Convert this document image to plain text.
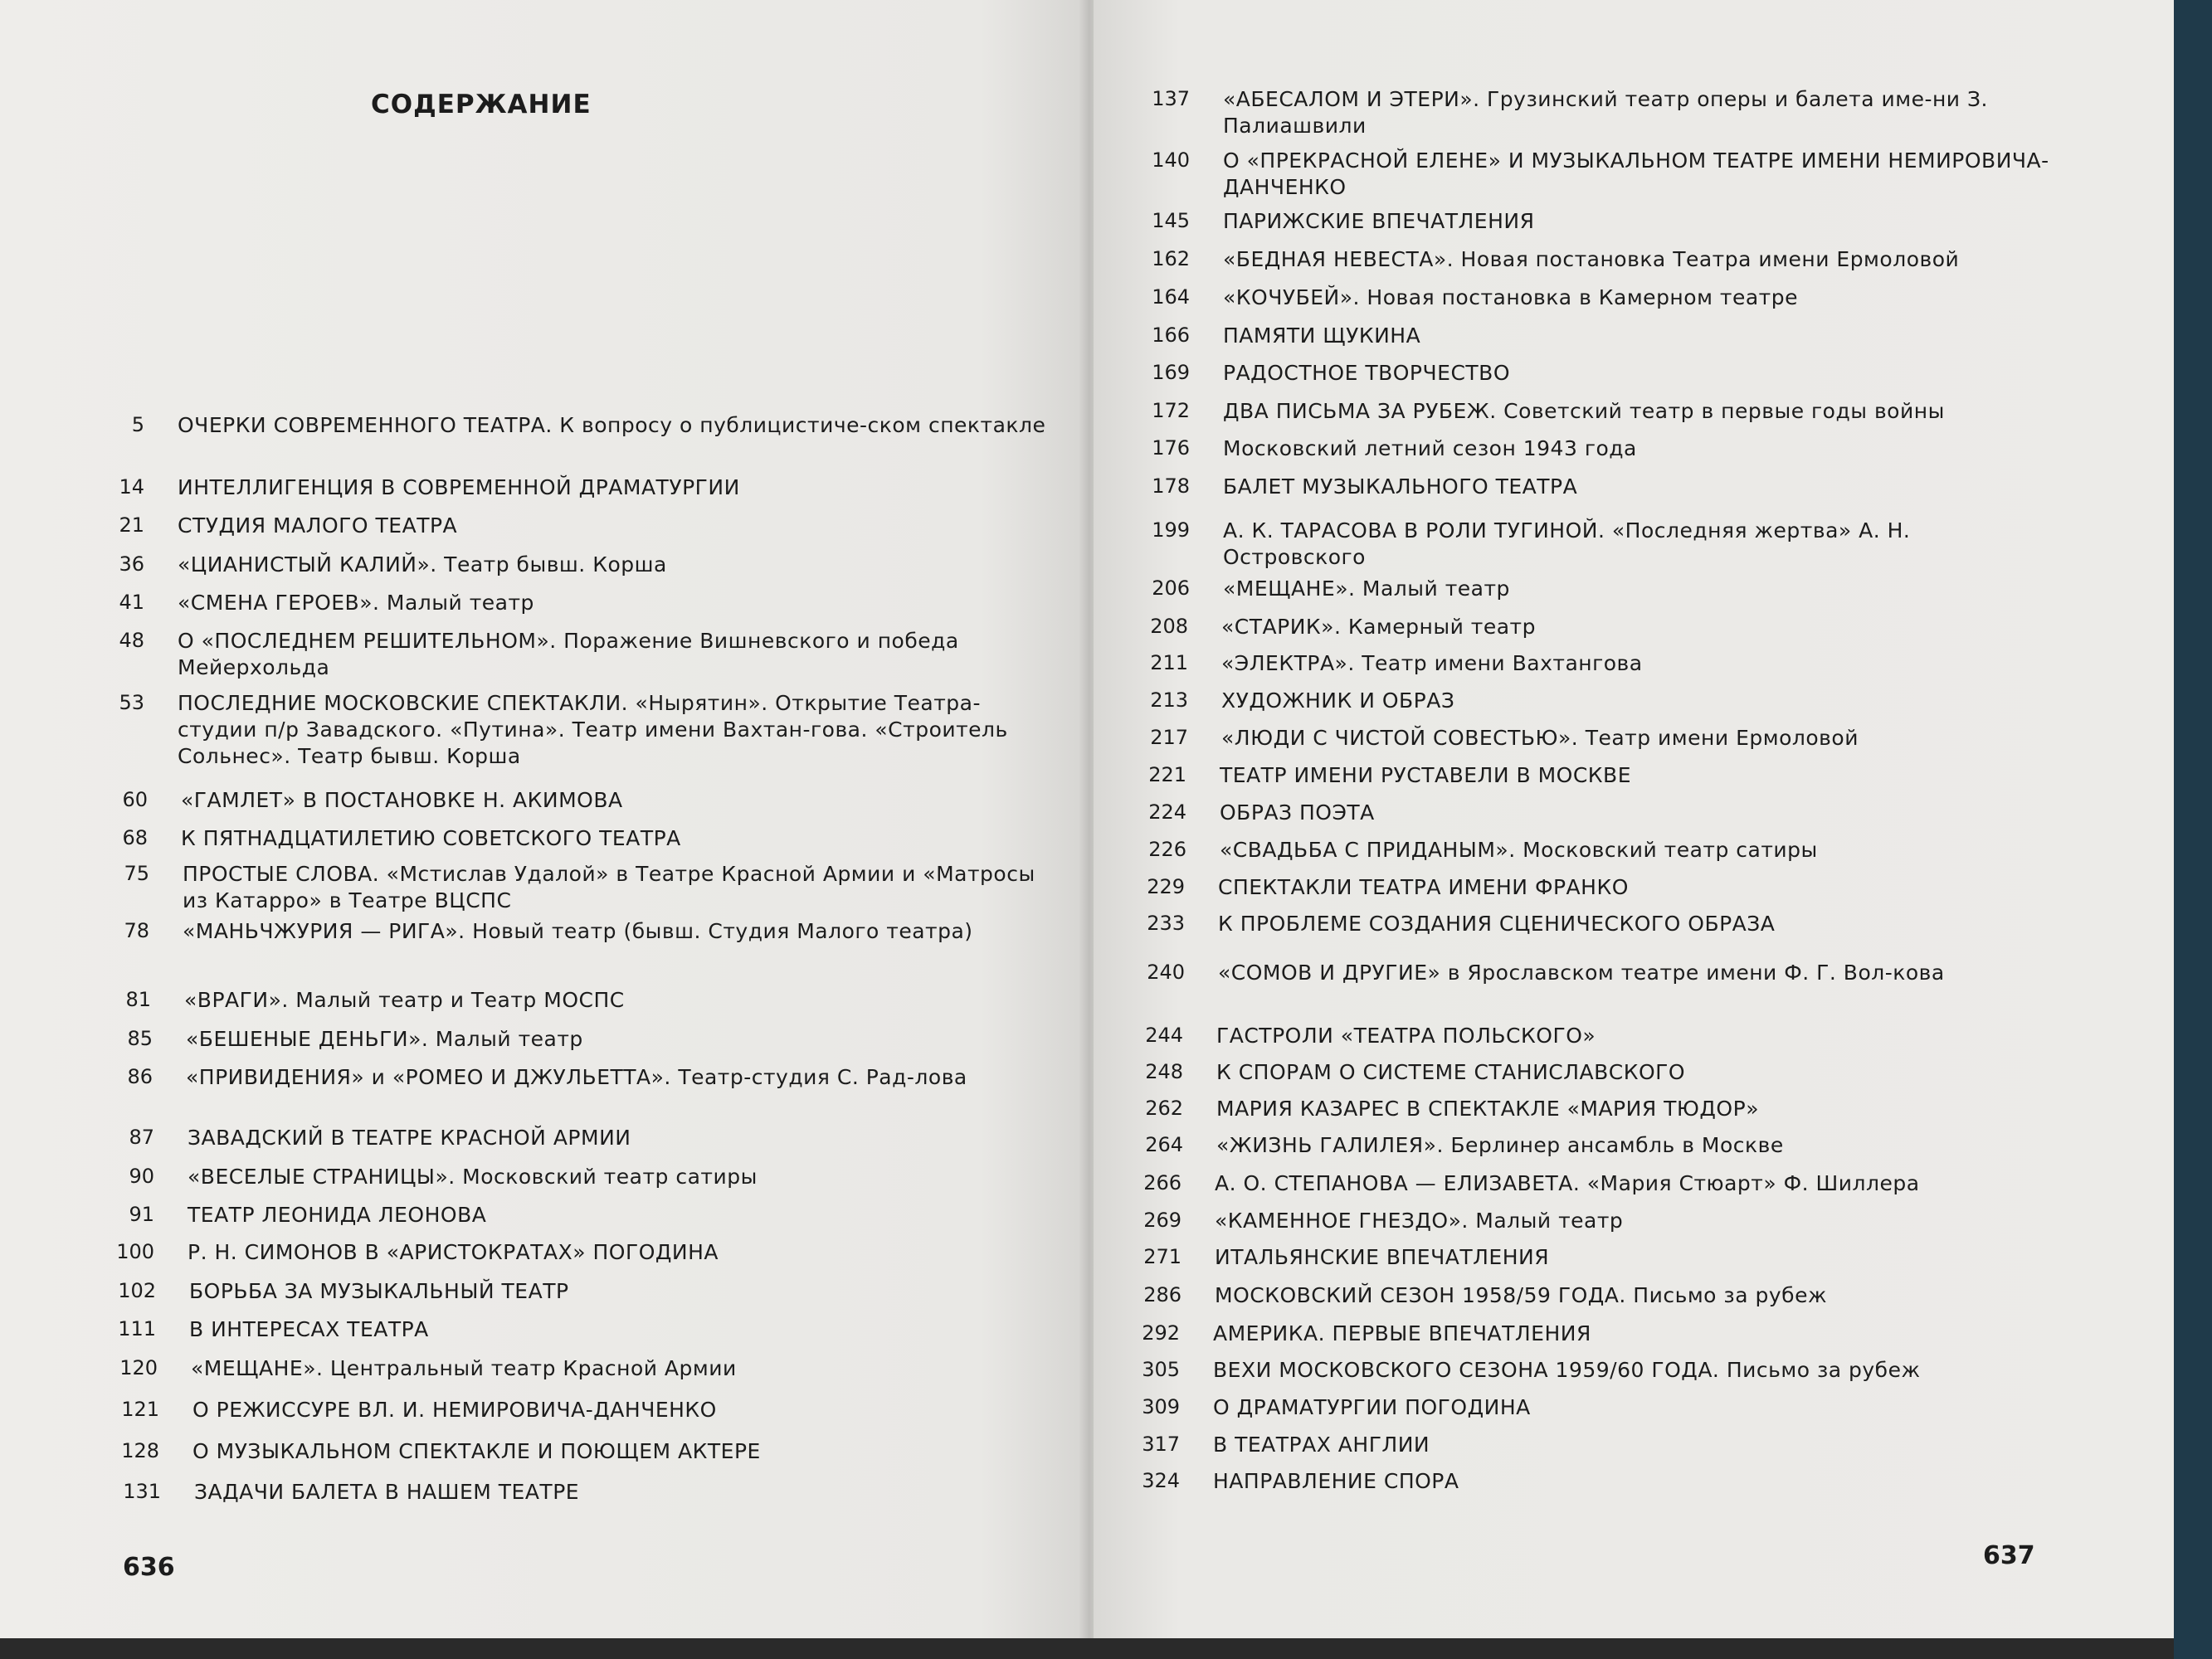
СОДЕРЖАНИЕ
5 ОЧЕРКИ СОВРЕМЕННОГО ТЕАТРА. К вопросу о публицистиче-ском спектакле
14 ИНТЕЛЛИГЕНЦИЯ В СОВРЕМЕННОЙ ДРАМАТУРГИИ
21 СТУДИЯ МАЛОГО ТЕАТРА
36 «ЦИАНИСТЫЙ КАЛИЙ». Театр бывш. Корша
41 «СМЕНА ГЕРОЕВ». Малый театр
48 О «ПОСЛЕДНЕМ РЕШИТЕЛЬНОМ». Поражение Вишневского и победа Мейерхольда
53 ПОСЛЕДНИЕ МОСКОВСКИЕ СПЕКТАКЛИ. «Нырятин». Открытие Театра-студии п/р Завадского. «Путина». Театр имени Вахтан-гова. «Строитель Сольнес». Театр бывш. Корша
60 «ГАМЛЕТ» В ПОСТАНОВКЕ Н. АКИМОВА
68 К ПЯТНАДЦАТИЛЕТИЮ СОВЕТСКОГО ТЕАТРА
75 ПРОСТЫЕ СЛОВА. «Мстислав Удалой» в Театре Красной Армии и «Матросы из Катарро» в Театре ВЦСПС
78 «МАНЬЧЖУРИЯ — РИГА». Новый театр (бывш. Студия Малого театра)
81 «ВРАГИ». Малый театр и Театр МОСПС
85 «БЕШЕНЫЕ ДЕНЬГИ». Малый театр
86 «ПРИВИДЕНИЯ» и «РОМЕО И ДЖУЛЬЕТТА». Театр-студия С. Рад-лова
87 ЗАВАДСКИЙ В ТЕАТРЕ КРАСНОЙ АРМИИ
90 «ВЕСЕЛЫЕ СТРАНИЦЫ». Московский театр сатиры
91 ТЕАТР ЛЕОНИДА ЛЕОНОВА
100 Р. Н. СИМОНОВ В «АРИСТОКРАТАХ» ПОГОДИНА
102 БОРЬБА ЗА МУЗЫКАЛЬНЫЙ ТЕАТР
111 В ИНТЕРЕСАХ ТЕАТРА
120 «МЕЩАНЕ». Центральный театр Красной Армии
121 О РЕЖИССУРЕ ВЛ. И. НЕМИРОВИЧА-ДАНЧЕНКО
128 О МУЗЫКАЛЬНОМ СПЕКТАКЛЕ И ПОЮЩЕМ АКТЕРЕ
131 ЗАДАЧИ БАЛЕТА В НАШЕМ ТЕАТРЕ
636
137 «АБЕСАЛОМ И ЭТЕРИ». Грузинский театр оперы и балета име-ни З. Палиашвили
140 О «ПРЕКРАСНОЙ ЕЛЕНЕ» И МУЗЫКАЛЬНОМ ТЕАТРЕ ИМЕНИ НЕМИРОВИЧА-ДАНЧЕНКО
145 ПАРИЖСКИЕ ВПЕЧАТЛЕНИЯ
162 «БЕДНАЯ НЕВЕСТА». Новая постановка Театра имени Ермоловой
164 «КОЧУБЕЙ». Новая постановка в Камерном театре
166 ПАМЯТИ ЩУКИНА
169 РАДОСТНОЕ ТВОРЧЕСТВО
172 ДВА ПИСЬМА ЗА РУБЕЖ. Советский театр в первые годы войны
176 Московский летний сезон 1943 года
178 БАЛЕТ МУЗЫКАЛЬНОГО ТЕАТРА
199 А. К. ТАРАСОВА В РОЛИ ТУГИНОЙ. «Последняя жертва» А. Н. Островского
206 «МЕЩАНЕ». Малый театр
208 «СТАРИК». Камерный театр
211 «ЭЛЕКТРА». Театр имени Вахтангова
213 ХУДОЖНИК И ОБРАЗ
217 «ЛЮДИ С ЧИСТОЙ СОВЕСТЬЮ». Театр имени Ермоловой
221 ТЕАТР ИМЕНИ РУСТАВЕЛИ В МОСКВЕ
224 ОБРАЗ ПОЭТА
226 «СВАДЬБА С ПРИДАНЫМ». Московский театр сатиры
229 СПЕКТАКЛИ ТЕАТРА ИМЕНИ ФРАНКО
233 К ПРОБЛЕМЕ СОЗДАНИЯ СЦЕНИЧЕСКОГО ОБРАЗА
240 «СОМОВ И ДРУГИЕ» в Ярославском театре имени Ф. Г. Вол-кова
244 ГАСТРОЛИ «ТЕАТРА ПОЛЬСКОГО»
248 К СПОРАМ О СИСТЕМЕ СТАНИСЛАВСКОГО
262 МАРИЯ КАЗАРЕС В СПЕКТАКЛЕ «МАРИЯ ТЮДОР»
264 «ЖИЗНЬ ГАЛИЛЕЯ». Берлинер ансамбль в Москве
266 А. О. СТЕПАНОВА — ЕЛИЗАВЕТА. «Мария Стюарт» Ф. Шиллера
269 «КАМЕННОЕ ГНЕЗДО». Малый театр
271 ИТАЛЬЯНСКИЕ ВПЕЧАТЛЕНИЯ
286 МОСКОВСКИЙ СЕЗОН 1958/59 ГОДА. Письмо за рубеж
292 АМЕРИКА. ПЕРВЫЕ ВПЕЧАТЛЕНИЯ
305 ВЕХИ МОСКОВСКОГО СЕЗОНА 1959/60 ГОДА. Письмо за рубеж
309 О ДРАМАТУРГИИ ПОГОДИНА
317 В ТЕАТРАХ АНГЛИИ
324 НАПРАВЛЕНИЕ СПОРА
637
